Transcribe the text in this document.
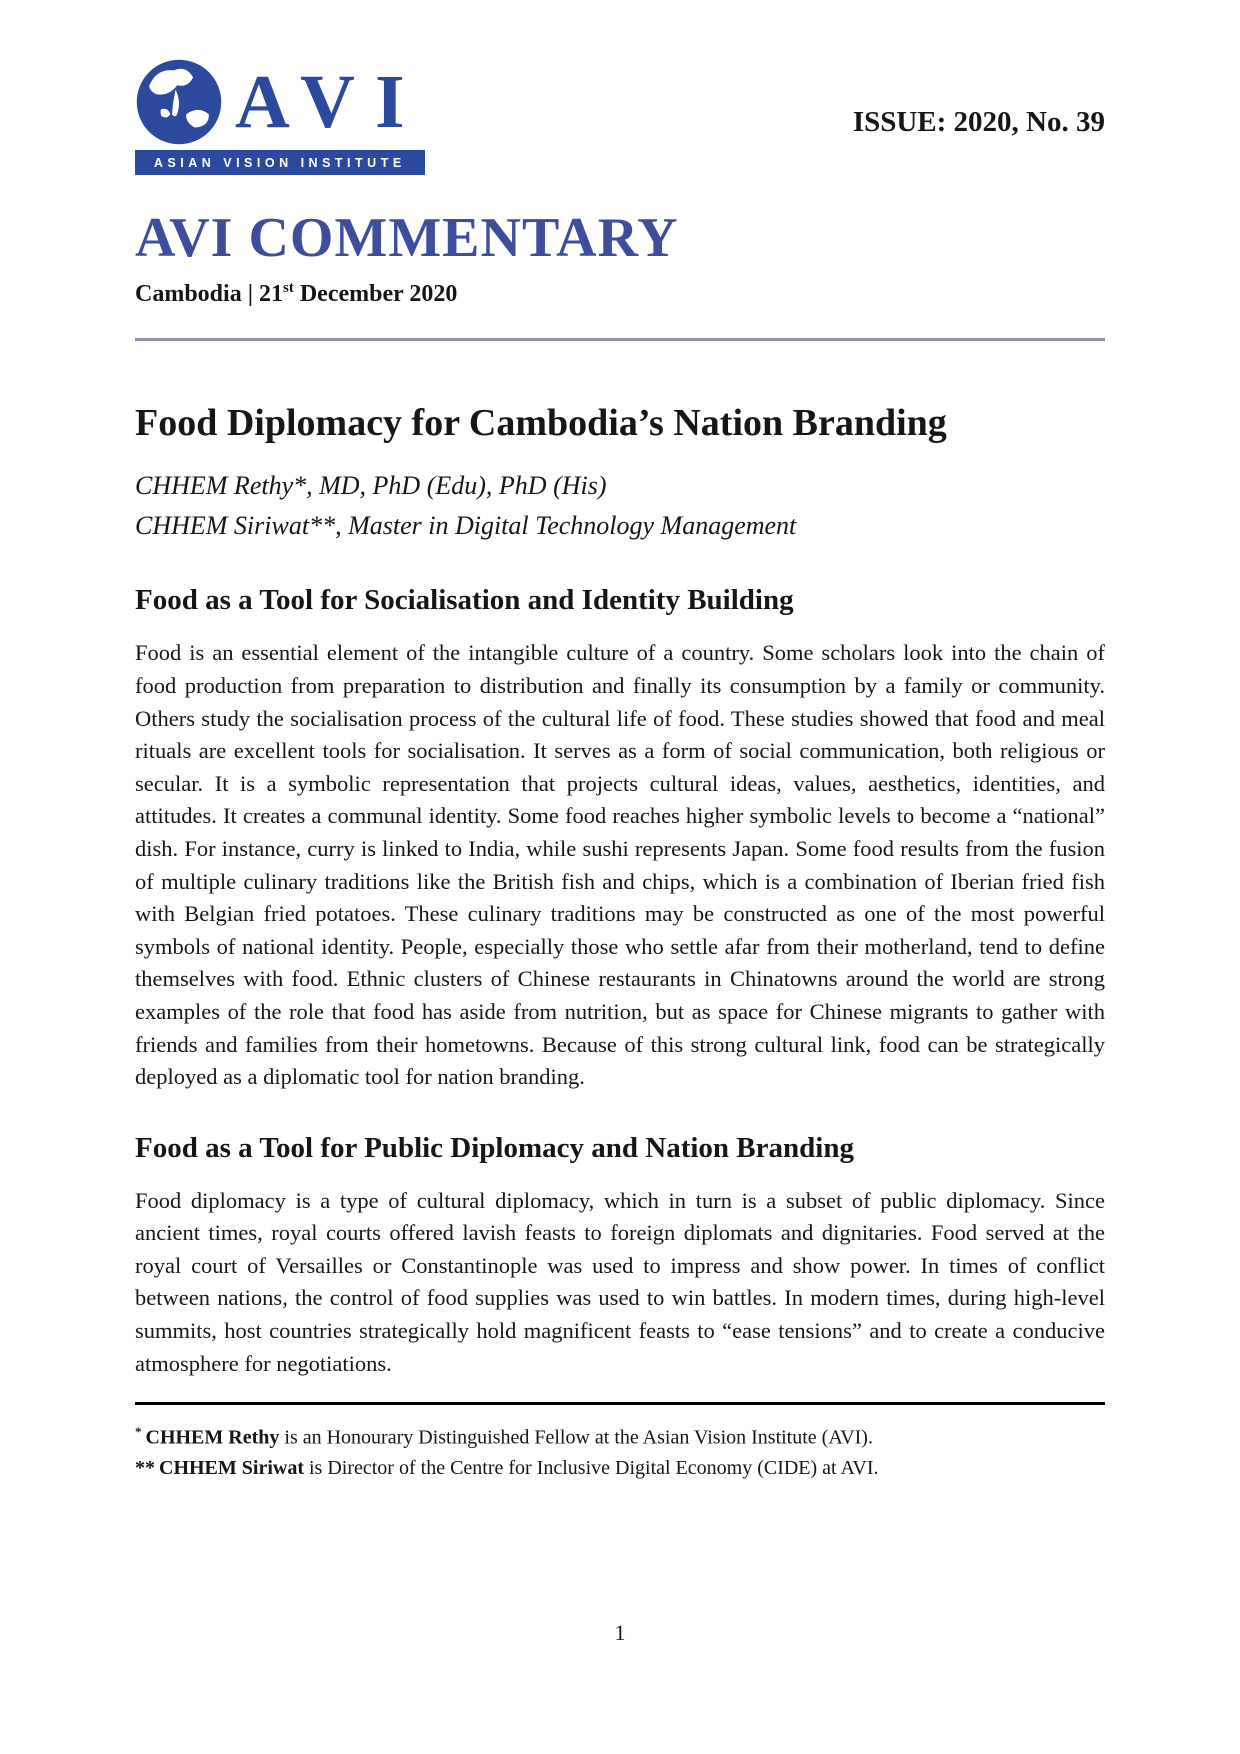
AVI
ASIAN VISION INSTITUTE
ISSUE: 2020, No. 39
AVI COMMENTARY
Cambodia | 21st December 2020
Food Diplomacy for Cambodia’s Nation Branding
CHHEM Rethy*, MD, PhD (Edu), PhD (His)
CHHEM Siriwat**, Master in Digital Technology Management
Food as a Tool for Socialisation and Identity Building
Food is an essential element of the intangible culture of a country. Some scholars look into the chain of food production from preparation to distribution and finally its consumption by a family or community. Others study the socialisation process of the cultural life of food. These studies showed that food and meal rituals are excellent tools for socialisation. It serves as a form of social communication, both religious or secular. It is a symbolic representation that projects cultural ideas, values, aesthetics, identities, and attitudes. It creates a communal identity. Some food reaches higher symbolic levels to become a “national” dish. For instance, curry is linked to India, while sushi represents Japan. Some food results from the fusion of multiple culinary traditions like the British fish and chips, which is a combination of Iberian fried fish with Belgian fried potatoes. These culinary traditions may be constructed as one of the most powerful symbols of national identity. People, especially those who settle afar from their motherland, tend to define themselves with food. Ethnic clusters of Chinese restaurants in Chinatowns around the world are strong examples of the role that food has aside from nutrition, but as space for Chinese migrants to gather with friends and families from their hometowns. Because of this strong cultural link, food can be strategically deployed as a diplomatic tool for nation branding.
Food as a Tool for Public Diplomacy and Nation Branding
Food diplomacy is a type of cultural diplomacy, which in turn is a subset of public diplomacy. Since ancient times, royal courts offered lavish feasts to foreign diplomats and dignitaries. Food served at the royal court of Versailles or Constantinople was used to impress and show power. In times of conflict between nations, the control of food supplies was used to win battles. In modern times, during high-level summits, host countries strategically hold magnificent feasts to “ease tensions” and to create a conducive atmosphere for negotiations.
* CHHEM Rethy is an Honourary Distinguished Fellow at the Asian Vision Institute (AVI).
** CHHEM Siriwat is Director of the Centre for Inclusive Digital Economy (CIDE) at AVI.
1
